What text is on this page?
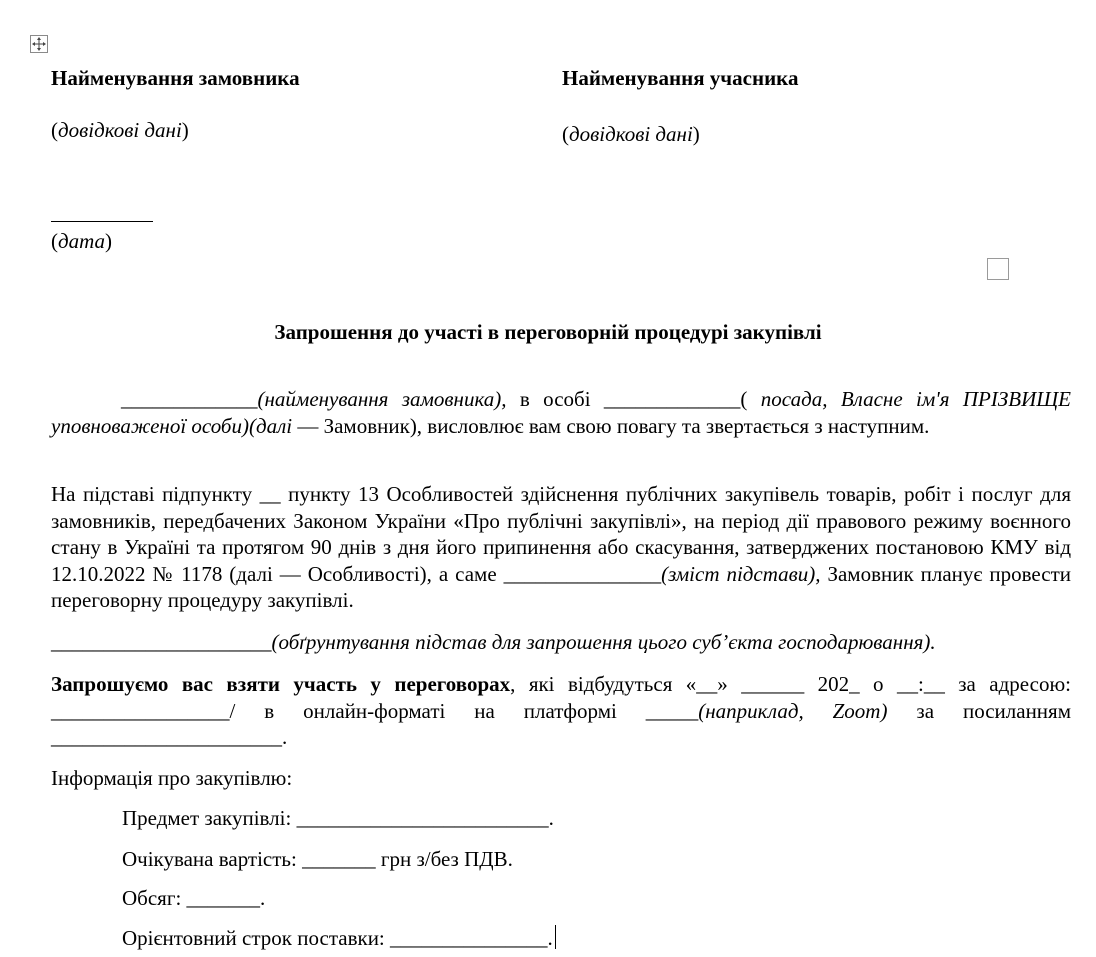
Найменування замовника	Найменування учасника
(довідкові дані)	(довідкові дані)
(дата)
Запрошення до участі в переговорній процедурі закупівлі

_____________(найменування замовника), в особі _____________( посада, Власне ім'я ПРІЗВИЩЕ уповноваженої особи)(далі — Замовник), висловлює вам свою повагу та звертається з наступним.

На підставі підпункту __ пункту 13 Особливостей здійснення публічних закупівель товарів, робіт і послуг для замовників, передбачених Законом України «Про публічні закупівлі», на період дії правового режиму воєнного стану в Україні та протягом 90 днів з дня його припинення або скасування, затверджених постановою КМУ від 12.10.2022 № 1178 (далі — Особливості), а саме _______________(зміст підстави), Замовник планує провести переговорну процедуру закупівлі.

_____________________(обґрунтування підстав для запрошення цього суб’єкта господарювання).

Запрошуємо вас взяти участь у переговорах, які відбудуться «__» ______ 202_ о __:__ за адресою: _________________/ в онлайн-форматі на платформі _____(наприклад, Zoom) за посиланням ______________________.

Інформація про закупівлю:
Предмет закупівлі: ________________________.
Очікувана вартість: _______ грн з/без ПДВ.
Обсяг: _______.
Орієнтовний строк поставки: _______________.
